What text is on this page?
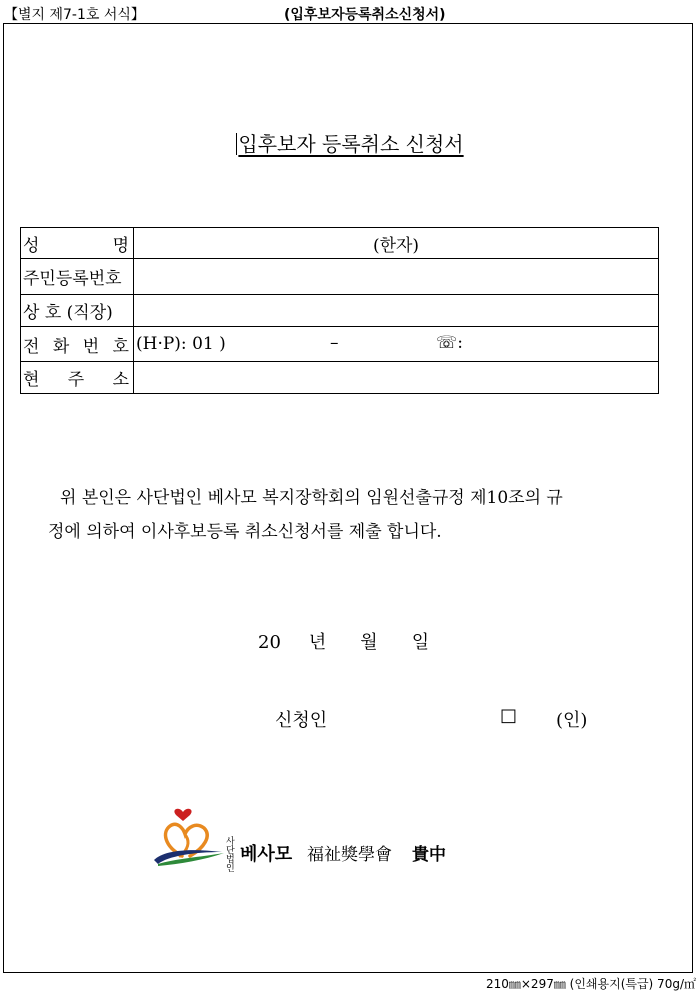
【별지 제7-1호 서식】	(입후보자등록취소신청서)
입후보자 등록취소 신청서
성 명	(한자)
주민등록번호	
상 호 (직장)	

전 화 번 호	(H·P): 01 ) – ☏:

현 주 소	

위 본인은 사단법인 베사모 복지장학회의 임원선출규정 제10조의 규
정에 의하여 이사후보등록 취소신청서를 제출 합니다.
20 년 월 일
신청인	□ (인)
사단법인
베사모 福祉獎學會 貴中
210㎜×297㎜ (인쇄용지(특급) 70g/㎡
